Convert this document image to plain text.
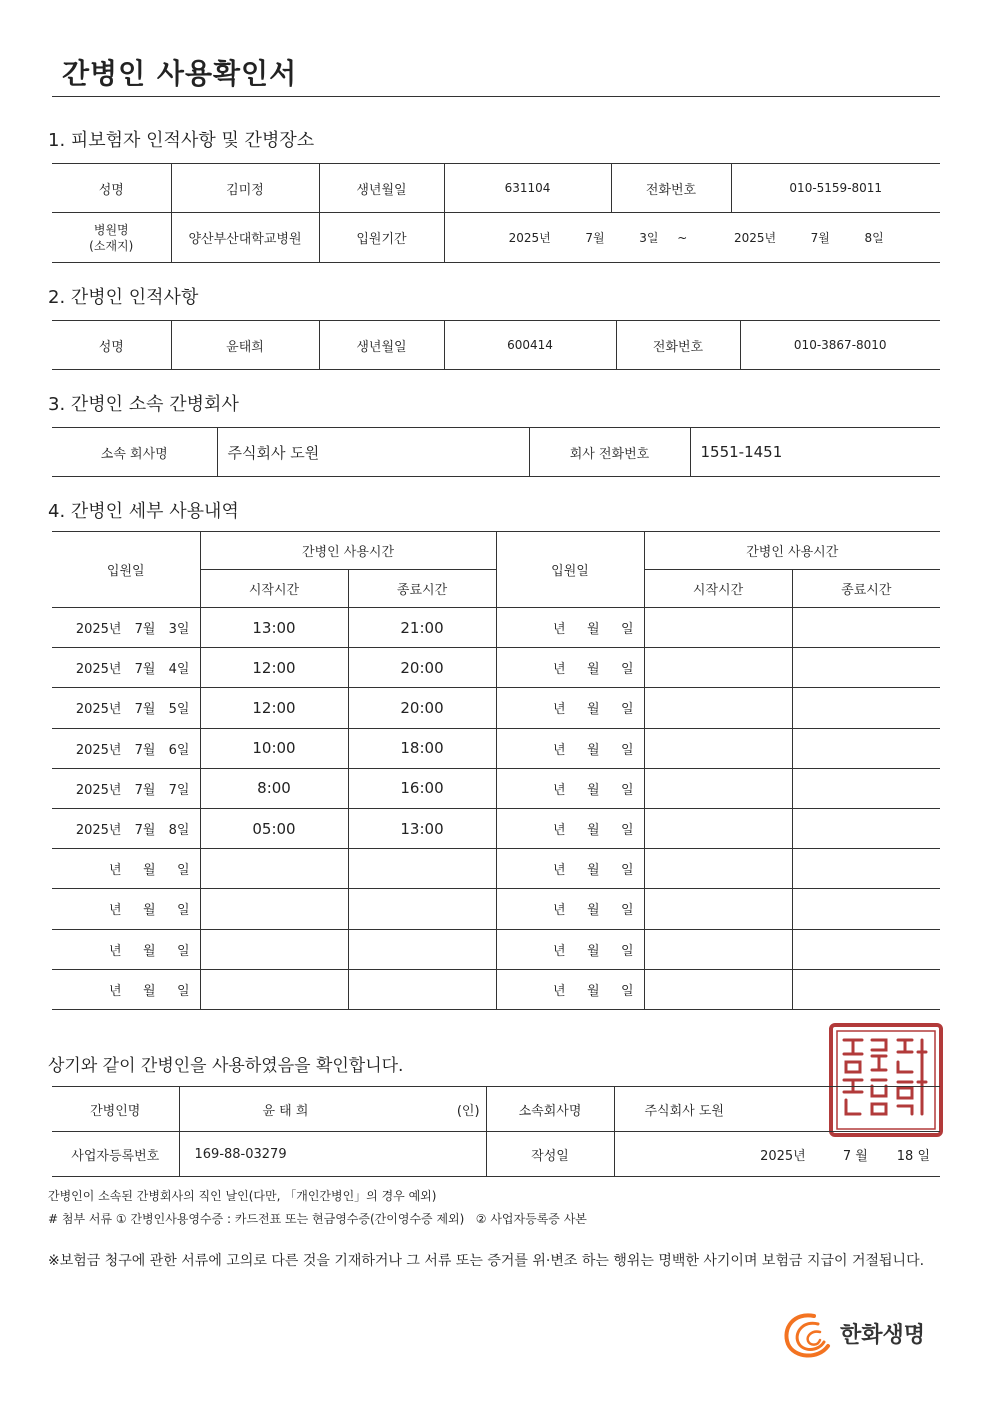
간병인 사용확인서
1. 피보험자 인적사항 및 간병장소
성명	김미정	생년월일	631104	전화번호	010-5159-8011

병원명
(소재지)	양산부산대학교병원	입원기간	2025년 7월 3일 ~ 2025년 7월 8일		
2. 간병인 인적사항
성명	윤태희	생년월일	600414	전화번호	010-3867-8010
3. 간병인 소속 간병회사
소속 회사명	주식회사 도원	회사 전화번호	1551-1451
4. 간병인 세부 사용내역
입원일	간병인 사용시간		입원일	간병인 사용시간	
	시작시간	종료시간		시작시간	종료시간
2025년 7월 3일	13:00	21:00	년 월 일		
2025년 7월 4일	12:00	20:00	년 월 일		
2025년 7월 5일	12:00	20:00	년 월 일		
2025년 7월 6일	10:00	18:00	년 월 일		
2025년 7월 7일	8:00	16:00	년 월 일		
2025년 7월 8일	05:00	13:00	년 월 일		
년 월 일			년 월 일		
년 월 일			년 월 일		
년 월 일			년 월 일		
년 월 일			년 월 일		
상기와 같이 간병인을 사용하였음을 확인합니다.
간병인명	윤 태 희 (인)	소속회사명	주식회사 도원
사업자등록번호	169-88-03279	작성일	2025년 7 월 18 일
간병인이 소속된 간병회사의 직인 날인(다만, 「개인간병인」의 경우 예외)
# 첨부 서류 ① 간병인사용영수증 : 카드전표 또는 현금영수증(간이영수증 제외)   ② 사업자등록증 사본
※보험금 청구에 관한 서류에 고의로 다른 것을 기재하거나 그 서류 또는 증거를 위·변조 하는 행위는 명백한 사기이며 보험금 지급이 거절됩니다.
한화생명
